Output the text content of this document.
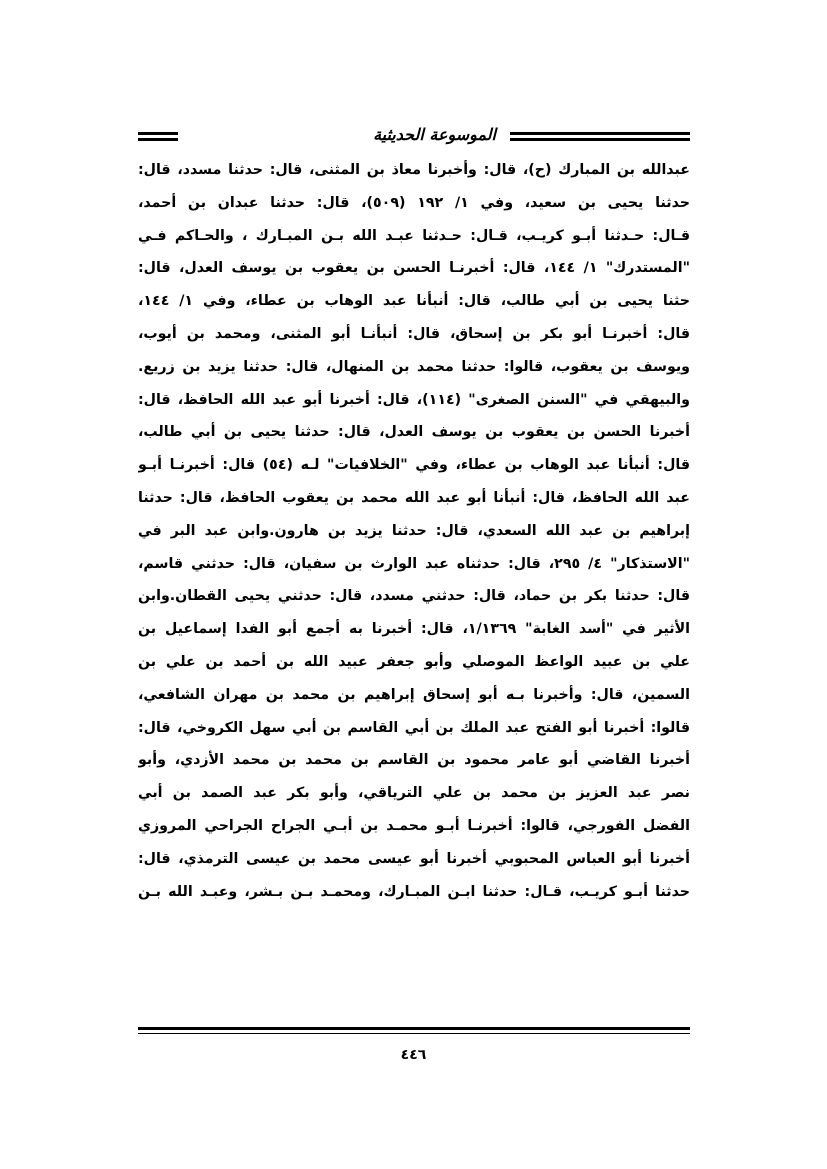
الموسوعة الحديثية
عبدالله بن المبارك (ح)، قال: وأخبرنا معاذ بن المثنى، قال: حدثنا مسدد، قال:
حدثنا يحيى بن سعيد، وفي ١/ ١٩٢ (٥٠٩)، قال: حدثنا عبدان بن أحمد،
قـال: حـدثنا أبـو كريـب، قـال: حـدثنا عبـد الله بـن المبـارك ، والحـاكم فـي
"المستدرك" ١/ ١٤٤، قال: أخبرنـا الحسن بن يعقوب بن يوسف العدل، قال:
حثنا يحيى بن أبي طالب، قال: أنبأنا عبد الوهاب بن عطاء، وفي ١/ ١٤٤،
قال: أخبرنـا أبو بكر بن إسحاق، قال: أنبأنـا أبو المثنى، ومحمد بن أيوب،
ويوسف بن يعقوب، قالوا: حدثنا محمد بن المنهال، قال: حدثنا يزيد بن زريع.
والبيهقي في "السنن الصغرى" (١١٤)، قال: أخبرنا أبو عبد الله الحافظ، قال:
أخبرنا الحسن بن يعقوب بن يوسف العدل، قال: حدثنا يحيى بن أبي طالب،
قال: أنبأنا عبد الوهاب بن عطاء، وفي "الخلافيات" لـه (٥٤) قال: أخبرنـا أبـو
عبد الله الحافظ، قال: أنبأنا أبو عبد الله محمد بن يعقوب الحافظ، قال: حدثنا
إبراهيم بن عبد الله السعدي، قال: حدثنا يزيد بن هارون.وابن عبد البر في
"الاستذكار" ٤/ ٢٩٥، قال: حدثناه عبد الوارث بن سفيان، قال: حدثني قاسم،
قال: حدثنا بكر بن حماد، قال: حدثني مسدد، قال: حدثني يحيى القطان.وابن
الأثير في "أسد الغابة" ١/١٣٦٩، قال: أخبرنا به أجمع أبو الفدا إسماعيل بن
علي بن عبيد الواعظ الموصلي وأبو جعفر عبيد الله بن أحمد بن علي بن
السمين، قال: وأخبرنا بـه أبو إسحاق إبراهيم بن محمد بن مهران الشافعي،
قالوا: أخبرنا أبو الفتح عبد الملك بن أبي القاسم بن أبي سهل الكروخي، قال:
أخبرنا القاضي أبو عامر محمود بن القاسم بن محمد بن محمد الأزدي، وأبو
نصر عبد العزيز بن محمد بن علي الترياقي، وأبو بكر عبد الصمد بن أبي
الفضل الفورجي، قالوا: أخبرنـا أبـو محمـد بن أبـي الجراح الجراحي المروزي
أخبرنا أبو العباس المحبوبي أخبرنا أبو عيسى محمد بن عيسى الترمذي، قال:
حدثنا أبـو كريـب، قـال: حدثنا ابـن المبـارك، ومحمـد بـن بـشر، وعبـد الله بـن
٤٤٦
